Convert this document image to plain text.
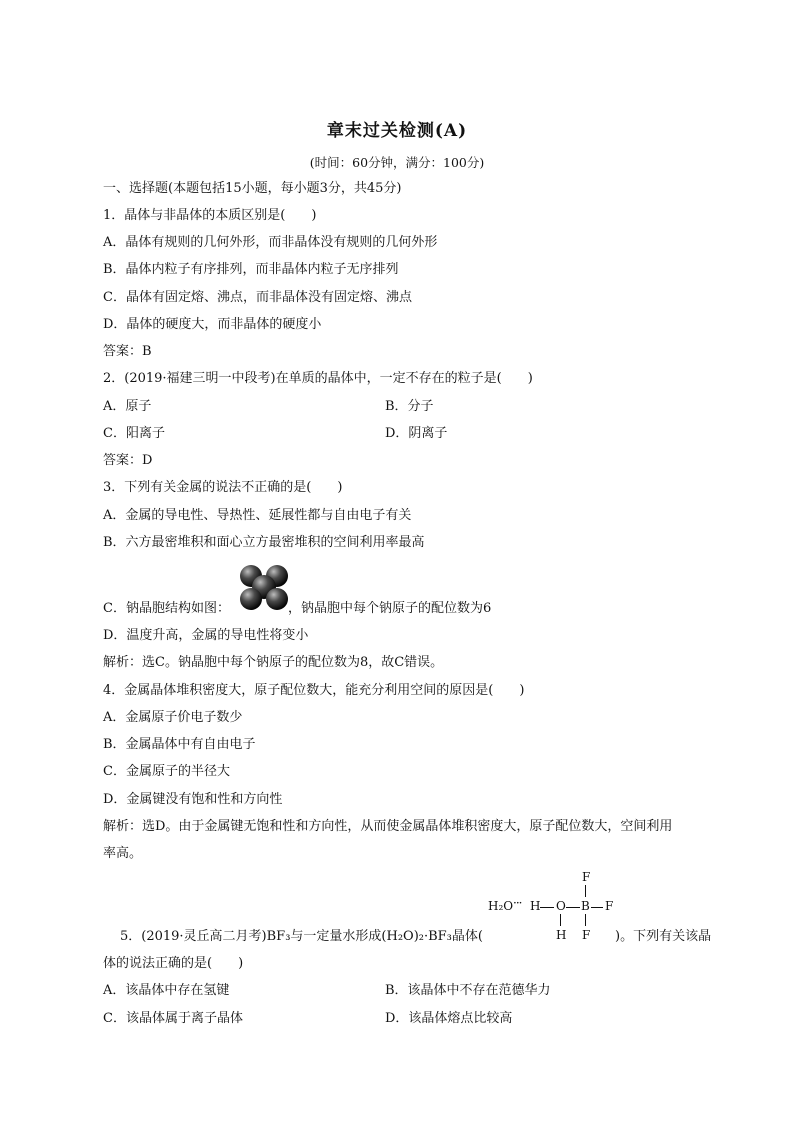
章末过关检测(A)
(时间：60分钟，满分：100分)
一、选择题(本题包括15小题，每小题3分，共45分)
1．晶体与非晶体的本质区别是(　　)
A．晶体有规则的几何外形，而非晶体没有规则的几何外形
B．晶体内粒子有序排列，而非晶体内粒子无序排列
C．晶体有固定熔、沸点，而非晶体没有固定熔、沸点
D．晶体的硬度大，而非晶体的硬度小
答案：B
2．(2019·福建三明一中段考)在单质的晶体中，一定不存在的粒子是(　　)
A．原子	B．分子
C．阳离子	D．阴离子
答案：D
3．下列有关金属的说法不正确的是(　　)
A．金属的导电性、导热性、延展性都与自由电子有关
B．六方最密堆积和面心立方最密堆积的空间利用率最高
C．钠晶胞结构如图：	，钠晶胞中每个钠原子的配位数为6
D．温度升高，金属的导电性将变小
解析：选C。钠晶胞中每个钠原子的配位数为8，故C错误。
4．金属晶体堆积密度大，原子配位数大，能充分利用空间的原因是(　　)
A．金属原子价电子数少
B．金属晶体中有自由电子
C．金属原子的半径大
D．金属键没有饱和性和方向性
解析：选D。由于金属键无饱和性和方向性，从而使金属晶体堆积密度大，原子配位数大，空间利用
率高。
F
H₂O ··· H O B F
H F
5．(2019·灵丘高二月考)BF₃与一定量水形成(H₂O)₂·BF₃晶体(	)。下列有关该晶
体的说法正确的是(　　)
A．该晶体中存在氢键	B．该晶体中不存在范德华力
C．该晶体属于离子晶体	D．该晶体熔点比较高
